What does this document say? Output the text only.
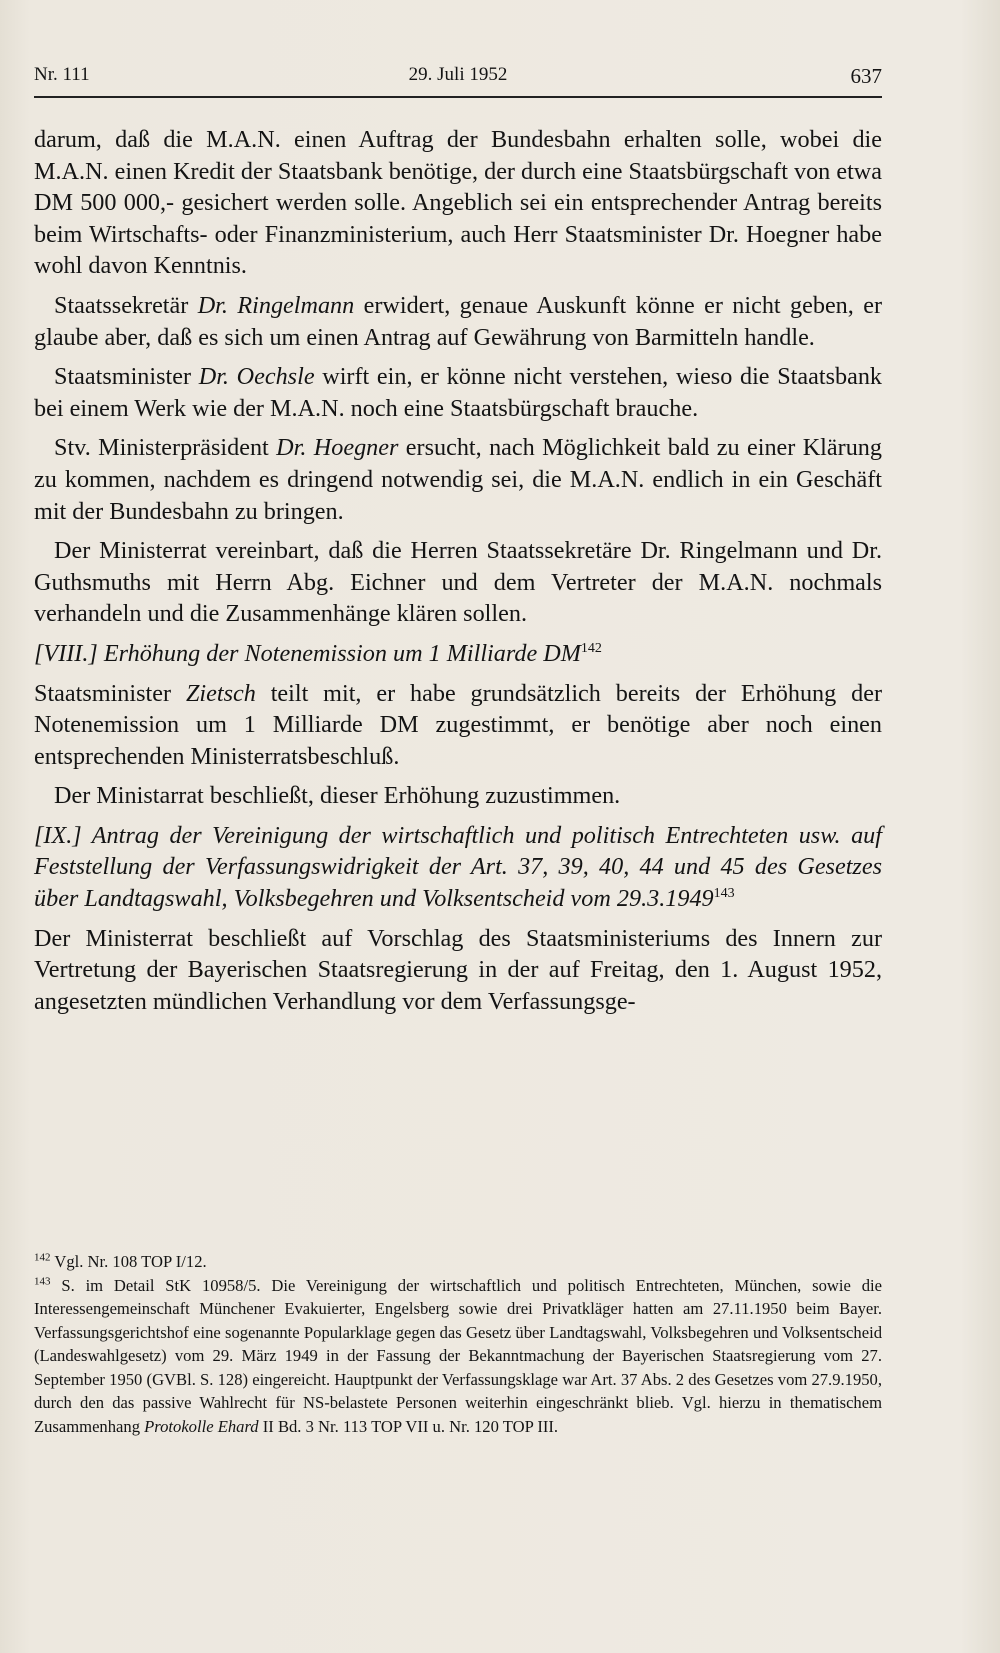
Nr. 111	29. Juli 1952	637

darum, daß die M.A.N. einen Auftrag der Bundesbahn erhalten solle, wobei die M.A.N. einen Kredit der Staatsbank benötige, der durch eine Staatsbürgschaft von etwa DM 500 000,- gesichert werden solle. Angeblich sei ein entsprechender Antrag bereits beim Wirtschafts- oder Finanzministerium, auch Herr Staatsminister Dr. Hoegner habe wohl davon Kenntnis.

Staatssekretär Dr. Ringelmann erwidert, genaue Auskunft könne er nicht geben, er glaube aber, daß es sich um einen Antrag auf Gewährung von Barmitteln handle.

Staatsminister Dr. Oechsle wirft ein, er könne nicht verstehen, wieso die Staatsbank bei einem Werk wie der M.A.N. noch eine Staatsbürgschaft brauche.

Stv. Ministerpräsident Dr. Hoegner ersucht, nach Möglichkeit bald zu einer Klärung zu kommen, nachdem es dringend notwendig sei, die M.A.N. endlich in ein Geschäft mit der Bundesbahn zu bringen.

Der Ministerrat vereinbart, daß die Herren Staatssekretäre Dr. Ringelmann und Dr. Guthsmuths mit Herrn Abg. Eichner und dem Vertreter der M.A.N. nochmals verhandeln und die Zusammenhänge klären sollen.

[VIII.] Erhöhung der Notenemission um 1 Milliarde DM$^{142}$

Staatsminister Zietsch teilt mit, er habe grundsätzlich bereits der Erhöhung der Notenemission um 1 Milliarde DM zugestimmt, er benötige aber noch einen entsprechenden Ministerratsbeschluß.

Der Ministarrat beschließt, dieser Erhöhung zuzustimmen.

[IX.] Antrag der Vereinigung der wirtschaftlich und politisch Entrechteten usw. auf Feststellung der Verfassungswidrigkeit der Art. 37, 39, 40, 44 und 45 des Gesetzes über Landtagswahl, Volksbegehren und Volksentscheid vom 29.3.1949$^{143}$

Der Ministerrat beschließt auf Vorschlag des Staatsministeriums des Innern zur Vertretung der Bayerischen Staatsregierung in der auf Freitag, den 1. August 1952, angesetzten mündlichen Verhandlung vor dem Verfassungsge-

$^{142}$ Vgl. Nr. 108 TOP I/12.

$^{143}$ S. im Detail StK 10958/5. Die Vereinigung der wirtschaftlich und politisch Entrechteten, München, sowie die Interessengemeinschaft Münchener Evakuierter, Engelsberg sowie drei Privatkläger hatten am 27.11.1950 beim Bayer. Verfassungsgerichtshof eine sogenannte Popularklage gegen das Gesetz über Landtagswahl, Volksbegehren und Volksentscheid (Landeswahlgesetz) vom 29. März 1949 in der Fassung der Bekanntmachung der Bayerischen Staatsregierung vom 27. September 1950 (GVBl. S. 128) eingereicht. Hauptpunkt der Verfassungsklage war Art. 37 Abs. 2 des Gesetzes vom 27.9.1950, durch den das passive Wahlrecht für NS-belastete Personen weiterhin eingeschränkt blieb. Vgl. hierzu in thematischem Zusammenhang Protokolle Ehard II Bd. 3 Nr. 113 TOP VII u. Nr. 120 TOP III.
